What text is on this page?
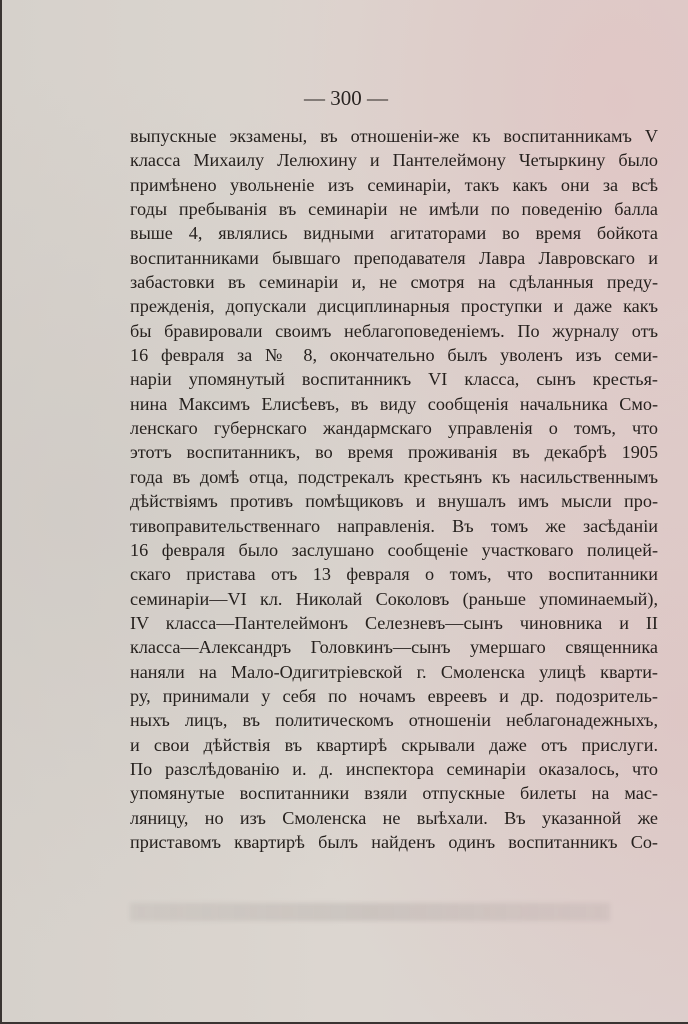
— 300 —
выпускные экзамены, въ отношеніи-же къ воспитанникамъ V
класса Михаилу Лелюхину и Пантелеймону Четыркину было
примѣнено увольненіе изъ семинаріи, такъ какъ они за всѣ
годы пребыванія въ семинаріи не имѣли по поведенію балла
выше 4, являлись видными агитаторами во время бойкота
воспитанниками бывшаго преподавателя Лавра Лавровскаго и
забастовки въ семинаріи и, не смотря на сдѣланныя преду-
прежденія, допускали дисциплинарныя проступки и даже какъ
бы бравировали своимъ неблагоповеденіемъ. По журналу отъ
16 февраля за № 8, окончательно былъ уволенъ изъ семи-
наріи упомянутый воспитанникъ VI класса, сынъ крестья-
нина Максимъ Елисѣевъ, въ виду сообщенія начальника Смо-
ленскаго губернскаго жандармскаго управленія о томъ, что
этотъ воспитанникъ, во время проживанія въ декабрѣ 1905
года въ домѣ отца, подстрекалъ крестьянъ къ насильственнымъ
дѣйствіямъ противъ помѣщиковъ и внушалъ имъ мысли про-
тивоправительственнаго направленія. Въ томъ же засѣданіи
16 февраля было заслушано сообщеніе участковаго полицей-
скаго пристава отъ 13 февраля о томъ, что воспитанники
семинаріи—VI кл. Николай Соколовъ (раньше упоминаемый),
IV класса—Пантелеймонъ Селезневъ—сынъ чиновника и II
класса—Александръ Головкинъ—сынъ умершаго священника
наняли на Мало-Одигитріевской г. Смоленска улицѣ кварти-
ру, принимали у себя по ночамъ евреевъ и др. подозритель-
ныхъ лицъ, въ политическомъ отношеніи неблагонадежныхъ,
и свои дѣйствія въ квартирѣ скрывали даже отъ прислуги.
По разслѣдованію и. д. инспектора семинаріи оказалось, что
упомянутые воспитанники взяли отпускные билеты на мас-
ляницу, но изъ Смоленска не выѣхали. Въ указанной же
приставомъ квартирѣ былъ найденъ одинъ воспитанникъ Со-
